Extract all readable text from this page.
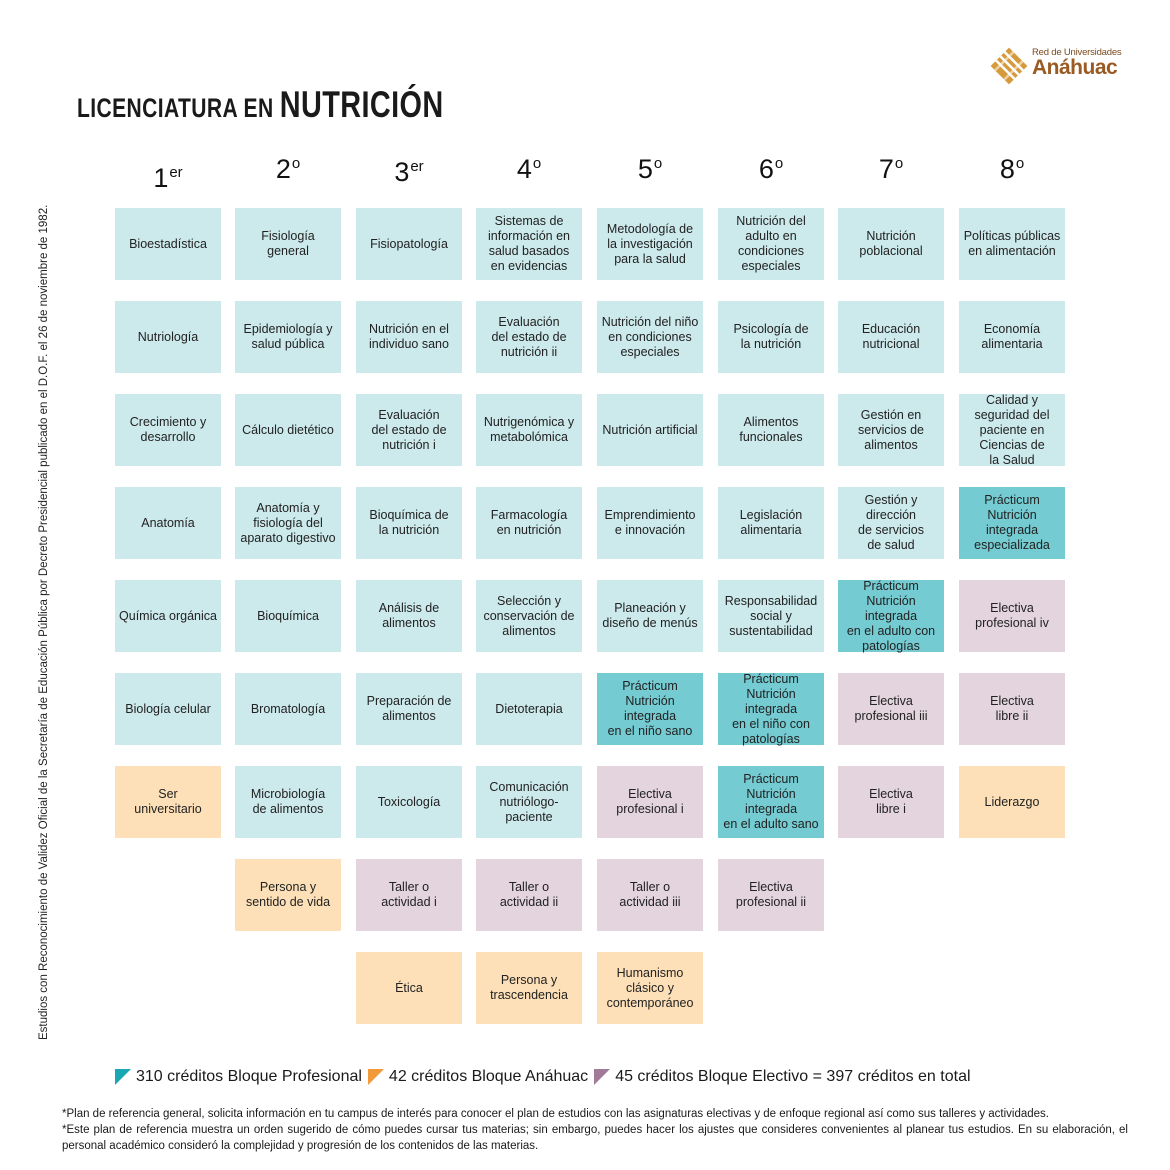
Estudios con Reconocimiento de Validez Oficial de la Secretaría de Educación Pública por Decreto Presidencial publicado en el D.O.F. el 26 de noviembre de 1982.
LICENCIATURA EN NUTRICIÓN
Red de Universidades
Anáhuac
1er
Bioestadística
Nutriología
Crecimiento y
desarrollo
Anatomía
Química orgánica
Biología celular
Ser
universitario
2$^o$
Fisiología
general
Epidemiología y
salud pública
Cálculo dietético
Anatomía y
fisiología del
aparato digestivo
Bioquímica
Bromatología
Microbiología
de alimentos
Persona y
sentido de vida
3er
Fisiopatología
Nutrición en el
individuo sano
Evaluación
del estado de
nutrición i
Bioquímica de
la nutrición
Análisis de
alimentos
Preparación de
alimentos
Toxicología
Taller o
actividad i
Ética
4$^o$
Sistemas de
información en
salud basados
en evidencias
Evaluación
del estado de
nutrición ii
Nutrigenómica y
metabolómica
Farmacología
en nutrición
Selección y
conservación de
alimentos
Dietoterapia
Comunicación
nutriólogo-paciente
Taller o
actividad ii
Persona y
trascendencia
5$^o$
Metodología de
la investigación
para la salud
Nutrición del niño
en condiciones
especiales
Nutrición artificial
Emprendimiento
e innovación
Planeación y
diseño de menús
Prácticum
Nutrición integrada
en el niño sano
Electiva
profesional i
Taller o
actividad iii
Humanismo
clásico y
contemporáneo
6$^o$
Nutrición del
adulto en
condiciones
especiales
Psicología de
la nutrición
Alimentos
funcionales
Legislación
alimentaria
Responsabilidad
social y
sustentabilidad
Prácticum
Nutrición integrada
en el niño con
patologías
Prácticum
Nutrición integrada
en el adulto sano
Electiva
profesional ii
7$^o$
Nutrición
poblacional
Educación
nutricional
Gestión en
servicios de
alimentos
Gestión y dirección
de servicios
de salud
Prácticum
Nutrición integrada
en el adulto con
patologías
Electiva
profesional iii
Electiva
libre i
8$^o$
Políticas públicas
en alimentación
Economía
alimentaria
Calidad y
seguridad del
paciente en
Ciencias de
la Salud
Prácticum
Nutrición integrada
especializada
Electiva
profesional iv
Electiva
libre ii
Liderazgo
310 créditos Bloque Profesional 42 créditos Bloque Anáhuac 45 créditos Bloque Electivo = 397 créditos en total

*Plan de referencia general, solicita información en tu campus de interés para conocer el plan de estudios con las asignaturas electivas y de enfoque regional así como sus talleres y actividades.

*Este plan de referencia muestra un orden sugerido de cómo puedes cursar tus materias; sin embargo, puedes hacer los ajustes que consideres convenientes al planear tus estudios. En su elaboración, el personal académico consideró la complejidad y progresión de los contenidos de las materias.
